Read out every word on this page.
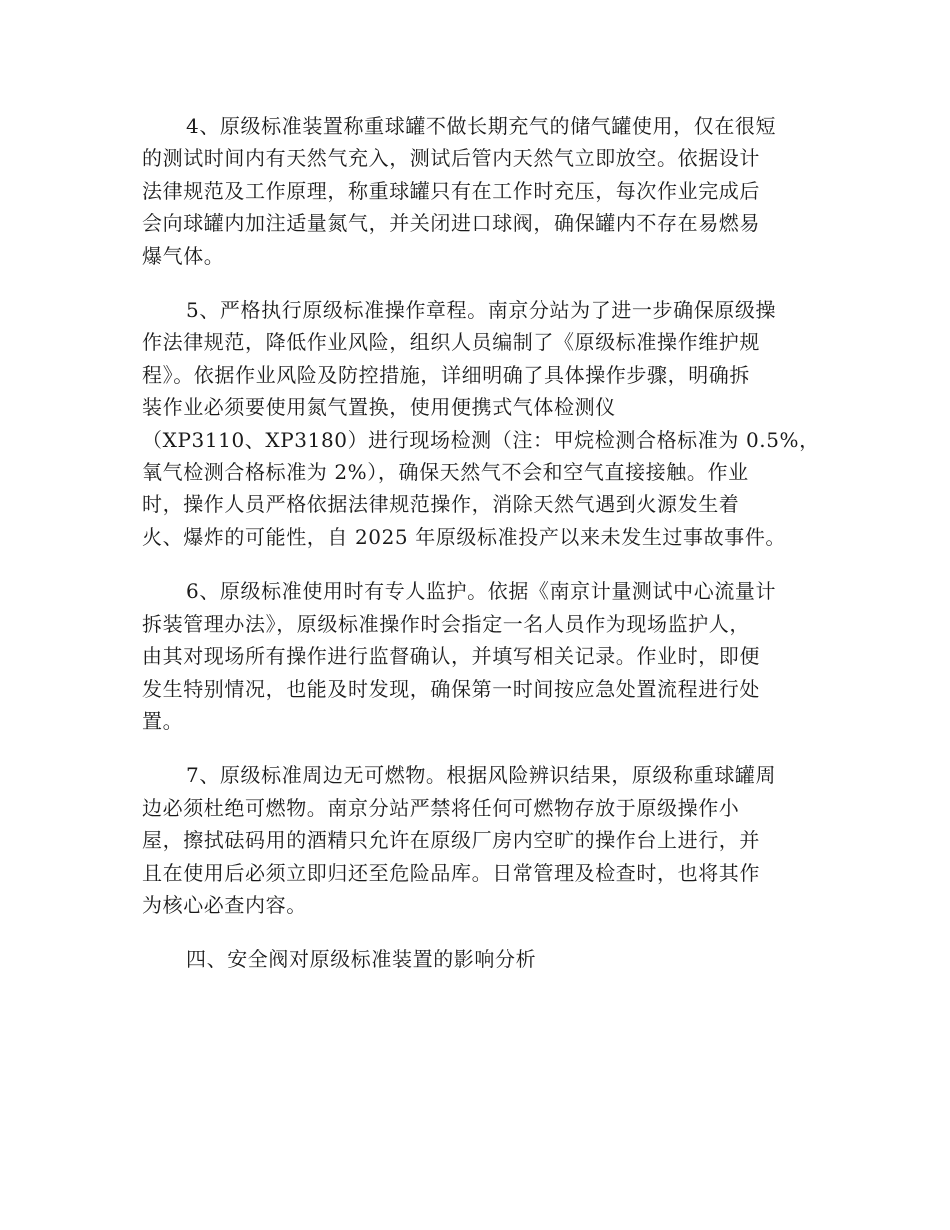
4、原级标准装置称重球罐不做长期充气的储气罐使用，仅在很短
的测试时间内有天然气充入，测试后管内天然气立即放空。依据设计
法律规范及工作原理，称重球罐只有在工作时充压，每次作业完成后
会向球罐内加注适量氮气，并关闭进口球阀，确保罐内不存在易燃易
爆气体。
5、严格执行原级标准操作章程。南京分站为了进一步确保原级操
作法律规范，降低作业风险，组织人员编制了《原级标准操作维护规
程》。依据作业风险及防控措施，详细明确了具体操作步骤，明确拆
装作业必须要使用氮气置换，使用便携式气体检测仪
（XP3110、XP3180）进行现场检测（注：甲烷检测合格标准为 0.5%，
氧气检测合格标准为 2%），确保天然气不会和空气直接接触。作业
时，操作人员严格依据法律规范操作，消除天然气遇到火源发生着
火、爆炸的可能性，自 2025 年原级标准投产以来未发生过事故事件。
6、原级标准使用时有专人监护。依据《南京计量测试中心流量计
拆装管理办法》，原级标准操作时会指定一名人员作为现场监护人，
由其对现场所有操作进行监督确认，并填写相关记录。作业时，即便
发生特别情况，也能及时发现，确保第一时间按应急处置流程进行处
置。
7、原级标准周边无可燃物。根据风险辨识结果，原级称重球罐周
边必须杜绝可燃物。南京分站严禁将任何可燃物存放于原级操作小
屋，擦拭砝码用的酒精只允许在原级厂房内空旷的操作台上进行，并
且在使用后必须立即归还至危险品库。日常管理及检查时，也将其作
为核心必查内容。
四、安全阀对原级标准装置的影响分析
